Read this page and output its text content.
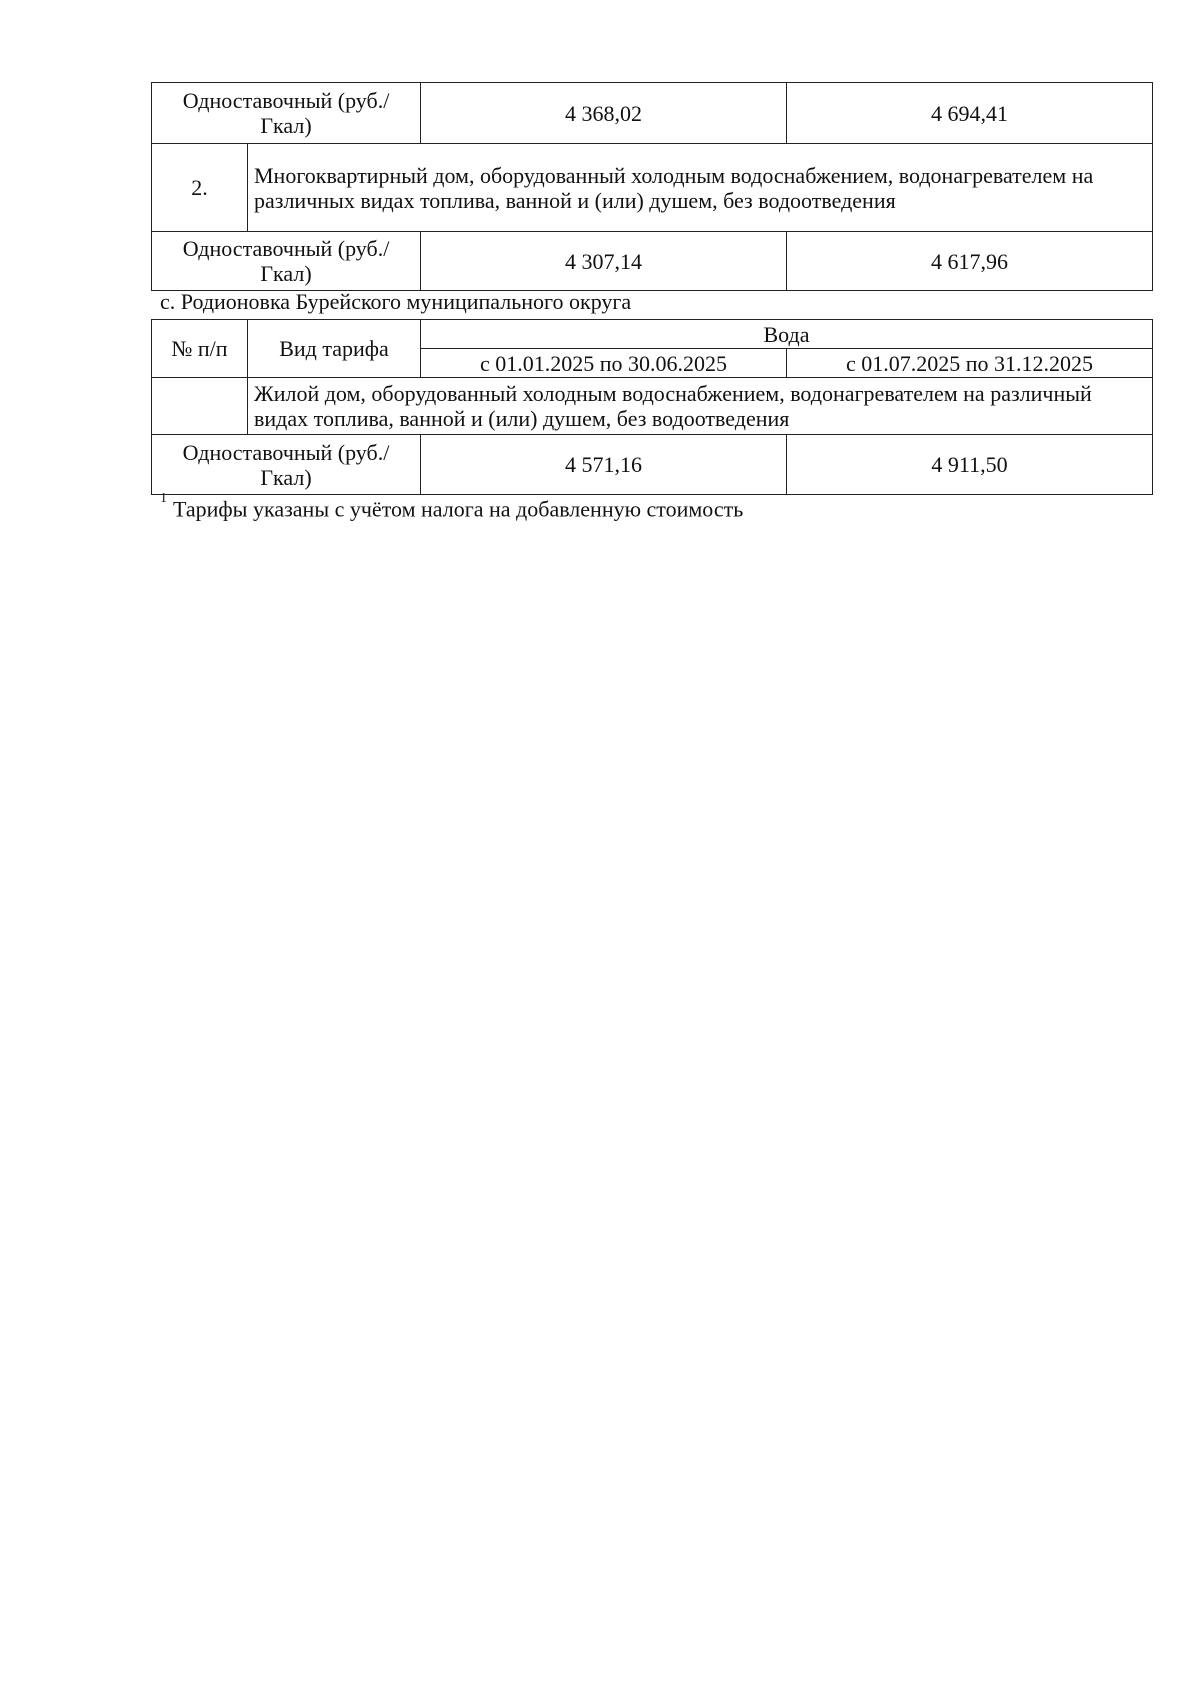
Одноставочный (руб./Гкал)		4 368,02	4 694,41
2.	Многоквартирный дом, оборудованный холодным водоснабжением, водонагревателем на различных видах топлива, ванной и (или) душем, без водоотведения		
Одноставочный (руб./Гкал)		4 307,14	4 617,96
с. Родионовка Бурейского муниципального округа
№ п/п	Вид тарифа	Вода	
		с 01.01.2025 по 30.06.2025	с 01.07.2025 по 31.12.2025
	Жилой дом, оборудованный холодным водоснабжением, водонагревателем на различный видах топлива, ванной и (или) душем, без водоотведения		
Одноставочный (руб./Гкал)		4 571,16	4 911,50
$^1$ Тарифы указаны с учётом налога на добавленную стоимость
